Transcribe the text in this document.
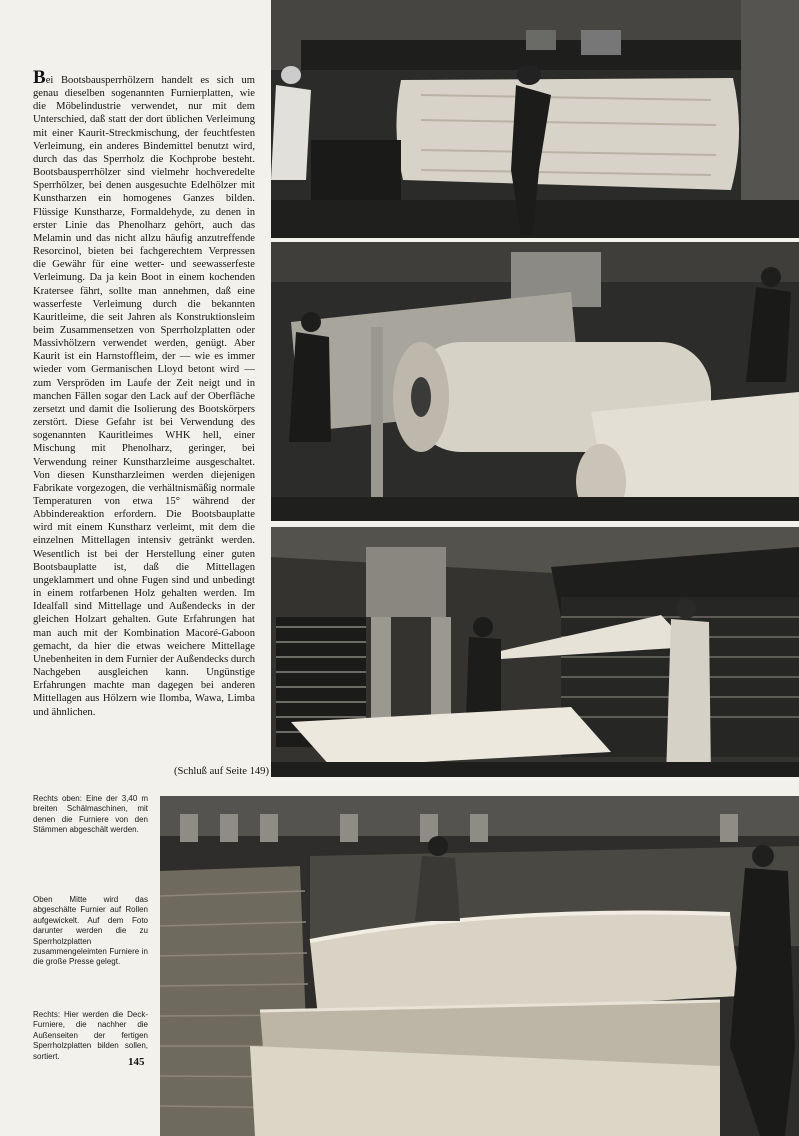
Bei Bootsbausperrhölzern handelt es sich um genau dieselben sogenannten Furnierplatten, wie die Möbelindustrie verwendet, nur mit dem Unterschied, daß statt der dort üblichen Verleimung mit einer Kaurit-Streckmischung, der feuchtfesten Verleimung, ein anderes Bindemittel benutzt wird, durch das das Sperrholz die Kochprobe besteht. Bootsbausperrhölzer sind vielmehr hochveredelte Sperrhölzer, bei denen ausgesuchte Edelhölzer mit Kunstharzen ein homogenes Ganzes bilden. Flüssige Kunstharze, Formaldehyde, zu denen in erster Linie das Phenolharz gehört, auch das Melamin und das nicht allzu häufig anzutreffende Resorcinol, bieten bei fachgerechtem Verpressen die Gewähr für eine wetter- und seewasserfeste Verleimung. Da ja kein Boot in einem kochenden Kratersee fährt, sollte man annehmen, daß eine wasserfeste Verleimung durch die bekannten Kauritleime, die seit Jahren als Konstruktionsleim beim Zusammensetzen von Sperrholzplatten oder Massivhölzern verwendet werden, genügt. Aber Kaurit ist ein Harnstoffleim, der — wie es immer wieder vom Germanischen Lloyd betont wird — zum Verspröden im Laufe der Zeit neigt und in manchen Fällen sogar den Lack auf der Oberfläche zersetzt und damit die Isolierung des Bootskörpers zerstört. Diese Gefahr ist bei Verwendung des sogenannten Kauritleimes WHK hell, einer Mischung mit Phenolharz, geringer, bei Verwendung reiner Kunstharzleime ausgeschaltet. Von diesen Kunstharzleimen werden diejenigen Fabrikate vorgezogen, die verhältnismäßig normale Temperaturen von etwa 15° während der Abbindereaktion erfordern. Die Bootsbauplatte wird mit einem Kunstharz verleimt, mit dem die einzelnen Mittellagen intensiv getränkt werden. Wesentlich ist bei der Herstellung einer guten Bootsbauplatte ist, daß die Mittellagen ungeklammert und ohne Fugen sind und unbedingt in einem rotfarbenen Holz gehalten werden. Im Idealfall sind Mittellage und Außendecks in der gleichen Holzart gehalten. Gute Erfahrungen hat man auch mit der Kombination Macoré-Gaboon gemacht, da hier die etwas weichere Mittellage Unebenheiten in dem Furnier der Außendecks durch Nachgeben ausgleichen kann. Ungünstige Erfahrungen machte man dagegen bei anderen Mittellagen aus Hölzern wie Ilomba, Wawa, Limba und ähnlichen.

(Schluß auf Seite 149)

Rechts oben: Eine der 3,40 m breiten Schälmaschinen, mit denen die Furniere von den Stämmen abgeschält werden.

Oben Mitte wird das abgeschälte Furnier auf Rollen aufgewickelt. Auf dem Foto darunter werden die zu Sperrholzplatten zusammengeleimten Furniere in die große Presse gelegt.

Rechts: Hier werden die Deck-Furniere, die nachher die Außenseiten der fertigen Sperrholzplatten bilden sollen, sortiert.	145
